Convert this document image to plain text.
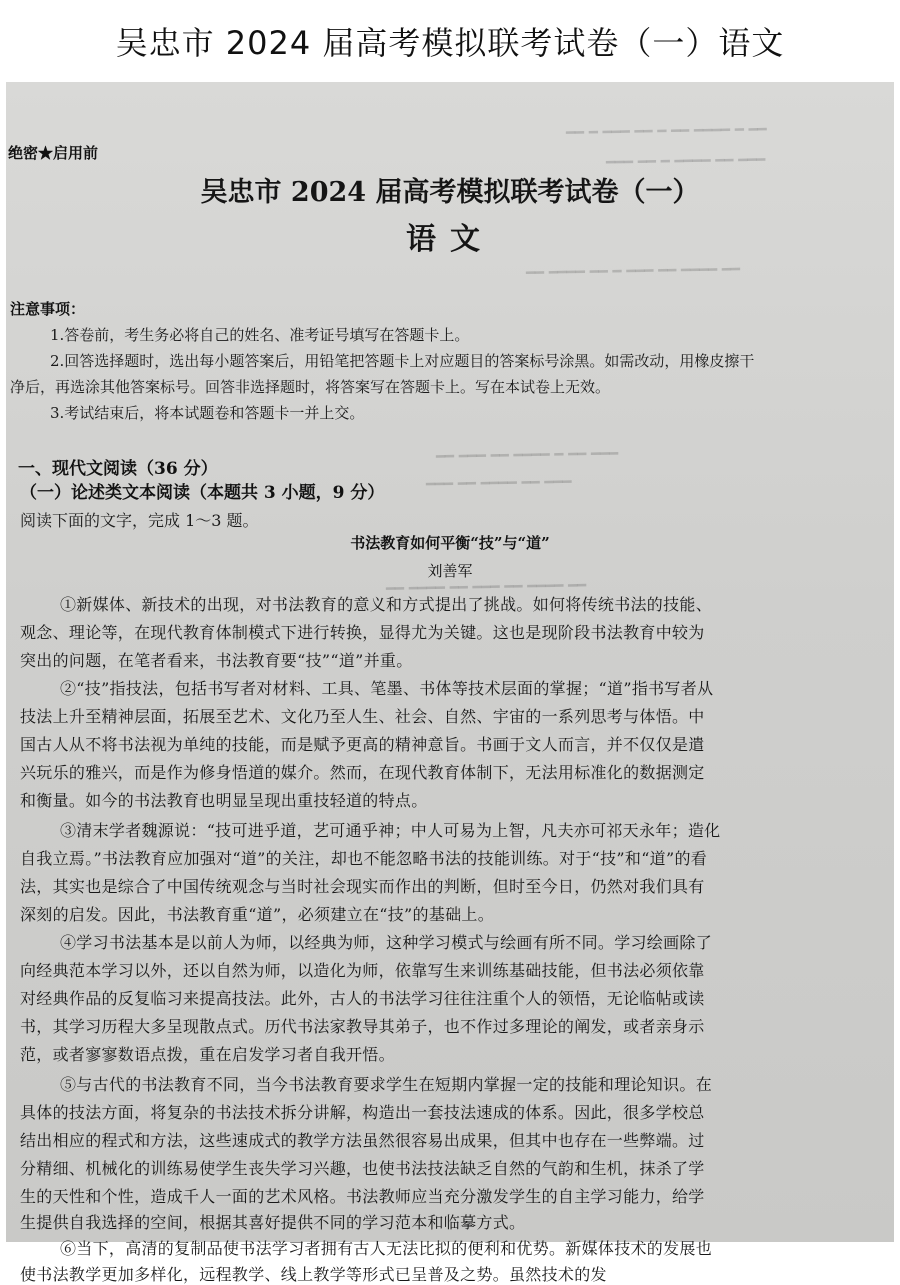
吴忠市 2024 届高考模拟联考试卷（一）语文
━━ ━ ━━━ ━━ ━ ━━ ━━━━ ━ ━━
━━━ ━━ ━ ━━━━ ━━ ━━━
━━ ━━━━ ━━ ━ ━━━ ━━ ━━━━ ━━
━━ ━━━ ━━ ━━━━ ━ ━━ ━━━
━━━ ━━ ━━━━ ━━ ━━━
━━ ━━━━ ━━ ━━━ ━━ ━━━━ ━━
绝密★启用前
吴忠市 2024 届高考模拟联考试卷（一）
语文
注意事项：
1.答卷前，考生务必将自己的姓名、准考证号填写在答题卡上。
2.回答选择题时，选出每小题答案后，用铅笔把答题卡上对应题目的答案标号涂黑。如需改动，用橡皮擦干
净后，再选涂其他答案标号。回答非选择题时，将答案写在答题卡上。写在本试卷上无效。
3.考试结束后，将本试题卷和答题卡一并上交。
一、现代文阅读（36 分）
（一）论述类文本阅读（本题共 3 小题，9 分）
阅读下面的文字，完成 1～3 题。
书法教育如何平衡“技”与“道”
刘善军
①新媒体、新技术的出现，对书法教育的意义和方式提出了挑战。如何将传统书法的技能、
观念、理论等，在现代教育体制模式下进行转换，显得尤为关键。这也是现阶段书法教育中较为
突出的问题，在笔者看来，书法教育要“技”“道”并重。
②“技”指技法，包括书写者对材料、工具、笔墨、书体等技术层面的掌握；“道”指书写者从
技法上升至精神层面，拓展至艺术、文化乃至人生、社会、自然、宇宙的一系列思考与体悟。中
国古人从不将书法视为单纯的技能，而是赋予更高的精神意旨。书画于文人而言，并不仅仅是遣
兴玩乐的雅兴，而是作为修身悟道的媒介。然而，在现代教育体制下，无法用标准化的数据测定
和衡量。如今的书法教育也明显呈现出重技轻道的特点。
③清末学者魏源说：“技可进乎道，艺可通乎神；中人可易为上智，凡夫亦可祁天永年；造化
自我立焉。”书法教育应加强对“道”的关注，却也不能忽略书法的技能训练。对于“技”和“道”的看
法，其实也是综合了中国传统观念与当时社会现实而作出的判断，但时至今日，仍然对我们具有
深刻的启发。因此，书法教育重“道”，必须建立在“技”的基础上。
④学习书法基本是以前人为师，以经典为师，这种学习模式与绘画有所不同。学习绘画除了
向经典范本学习以外，还以自然为师，以造化为师，依靠写生来训练基础技能，但书法必须依靠
对经典作品的反复临习来提高技法。此外，古人的书法学习往往注重个人的领悟，无论临帖或读
书，其学习历程大多呈现散点式。历代书法家教导其弟子，也不作过多理论的阐发，或者亲身示
范，或者寥寥数语点拨，重在启发学习者自我开悟。
⑤与古代的书法教育不同，当今书法教育要求学生在短期内掌握一定的技能和理论知识。在
具体的技法方面，将复杂的书法技术拆分讲解，构造出一套技法速成的体系。因此，很多学校总
结出相应的程式和方法，这些速成式的教学方法虽然很容易出成果，但其中也存在一些弊端。过
分精细、机械化的训练易使学生丧失学习兴趣，也使书法技法缺乏自然的气韵和生机，抹杀了学
生的天性和个性，造成千人一面的艺术风格。书法教师应当充分激发学生的自主学习能力，给学
生提供自我选择的空间，根据其喜好提供不同的学习范本和临摹方式。
⑥当下，高清的复制品使书法学习者拥有古人无法比拟的便利和优势。新媒体技术的发展也
使书法教学更加多样化，远程教学、线上教学等形式已呈普及之势。虽然技术的发
